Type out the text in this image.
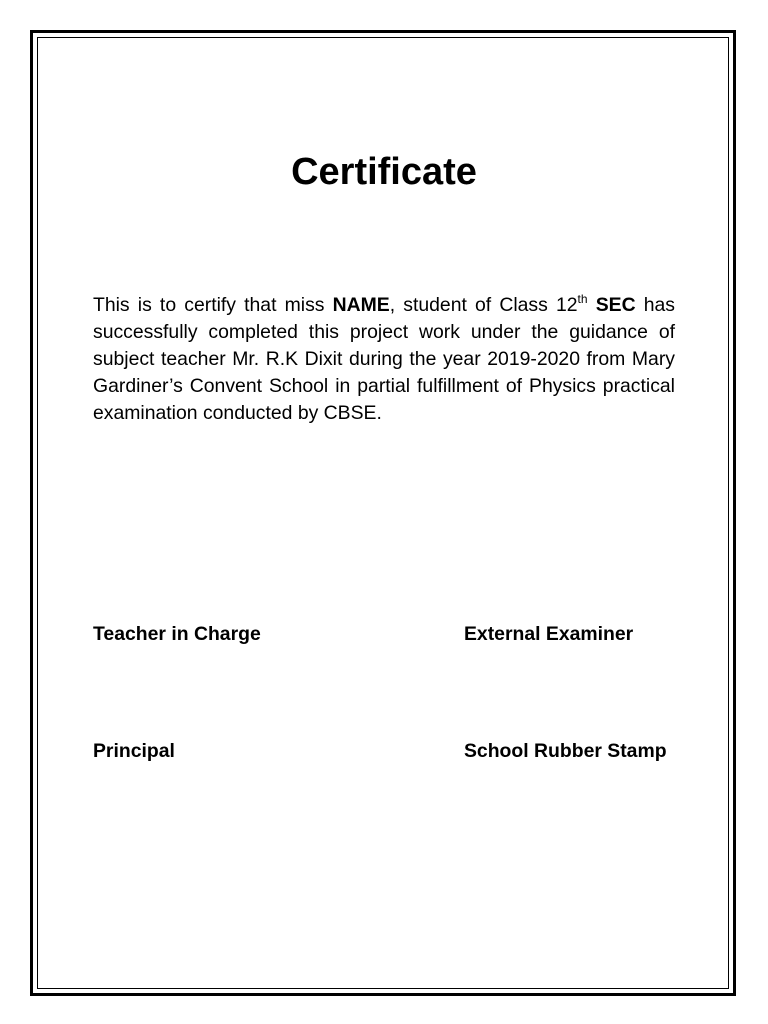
Certificate
This is to certify that miss NAME, student of Class 12th SEC has successfully completed this project work under the guidance of subject teacher Mr. R.K Dixit during the year 2019-2020 from Mary Gardiner’s Convent School in partial fulfillment of Physics practical examination conducted by CBSE.
Teacher in Charge	External Examiner
Principal	School Rubber Stamp
